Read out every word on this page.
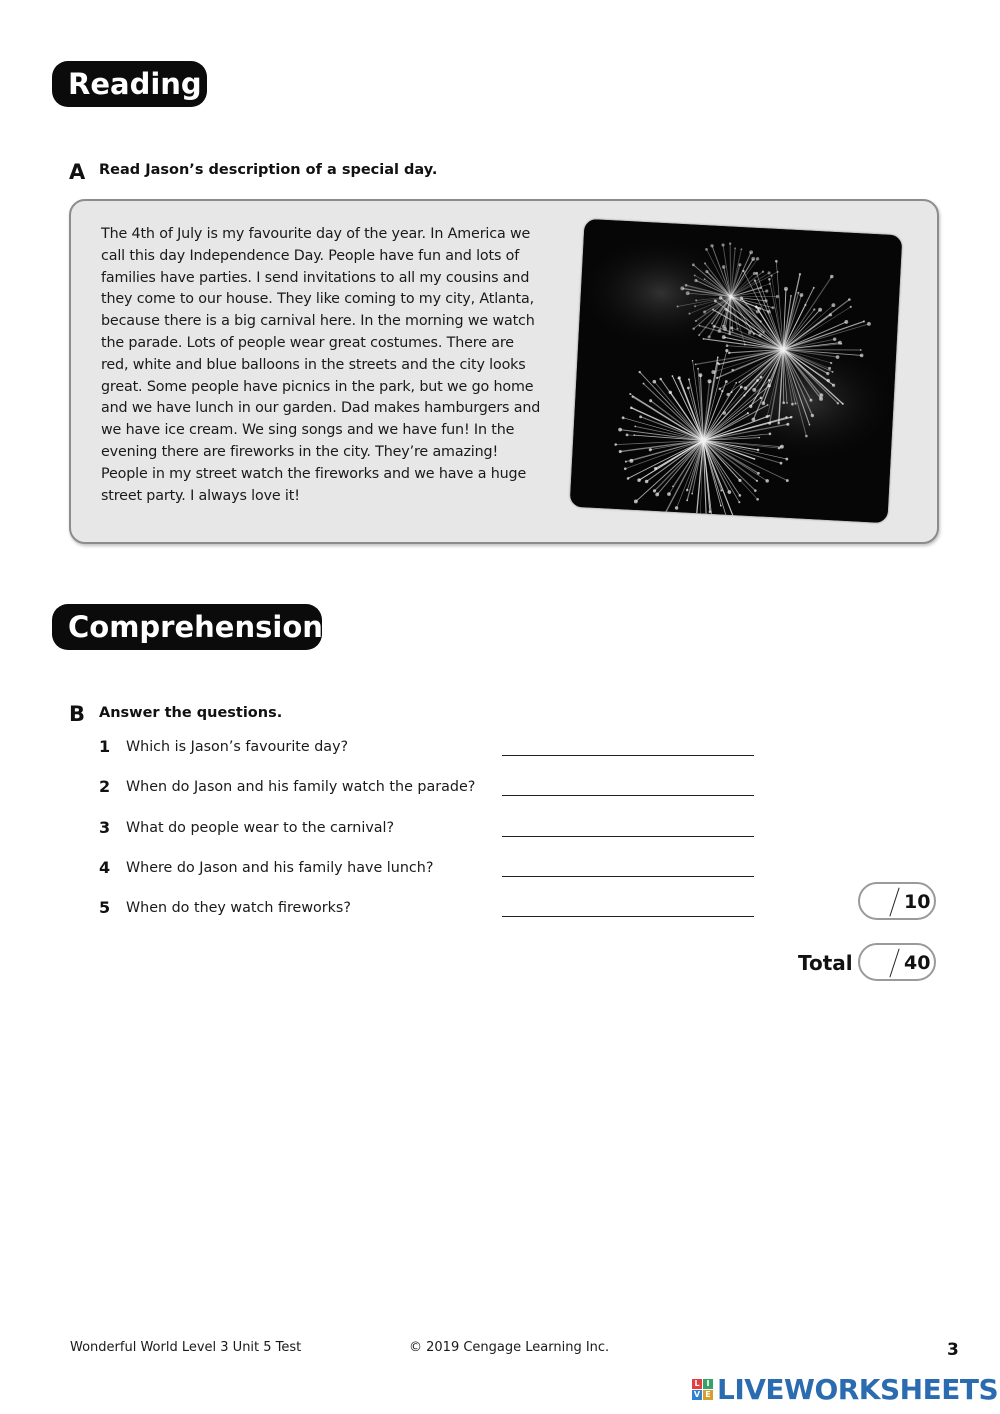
Reading
A Read Jason’s description of a special day.
The 4th of July is my favourite day of the year. In America we call this day Independence Day. People have fun and lots of families have parties. I send invitations to all my cousins and they come to our house. They like coming to my city, Atlanta, because there is a big carnival here. In the morning we watch the parade. Lots of people wear great costumes. There are red, white and blue balloons in the streets and the city looks great. Some people have picnics in the park, but we go home and we have lunch in our garden. Dad makes hamburgers and we have ice cream. We sing songs and we have fun! In the evening there are fireworks in the city. They’re amazing! People in my street watch the fireworks and we have a huge street party. I always love it!
Comprehension
B Answer the questions.
1 Which is Jason’s favourite day?
2 When do Jason and his family watch the parade?
3 What do people wear to the carnival?
4 Where do Jason and his family have lunch?
5 When do they watch fireworks?	10
Total	40
Wonderful World Level 3 Unit 5 Test	© 2019 Cengage Learning Inc.	3
L I
V E LIVEWORKSHEETS
